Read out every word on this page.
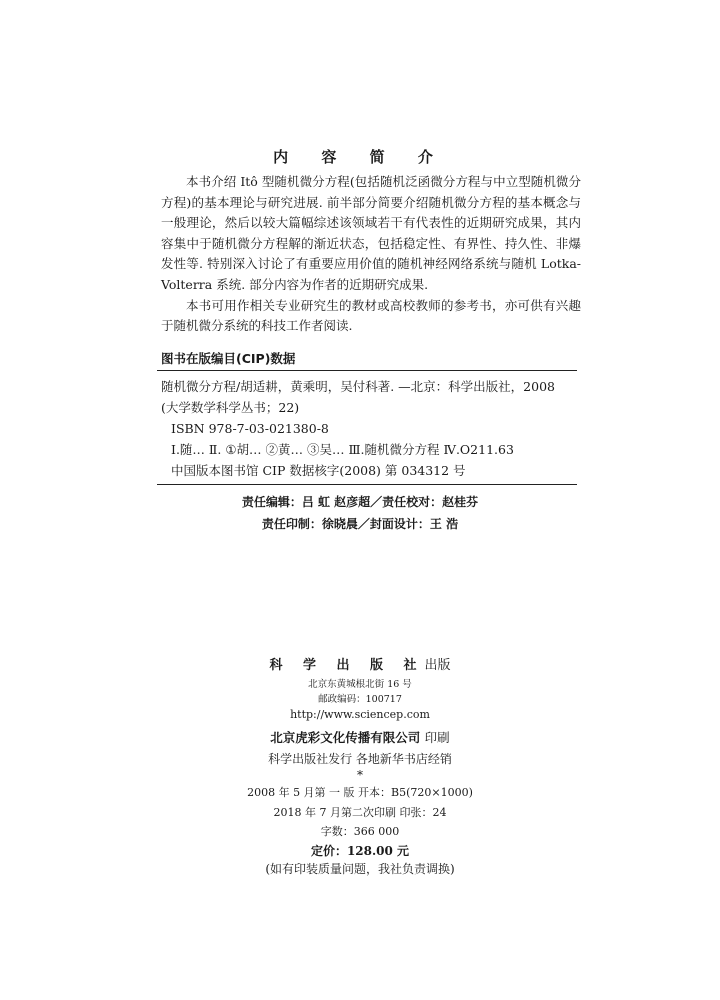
内 容 简 介

本书介绍 Itô 型随机微分方程(包括随机泛函微分方程与中立型随机微分方程)的基本理论与研究进展. 前半部分简要介绍随机微分方程的基本概念与一般理论，然后以较大篇幅综述该领域若干有代表性的近期研究成果，其内容集中于随机微分方程解的渐近状态，包括稳定性、有界性、持久性、非爆发性等. 特别深入讨论了有重要应用价值的随机神经网络系统与随机 Lotka-Volterra 系统. 部分内容为作者的近期研究成果.

本书可用作相关专业研究生的教材或高校教师的参考书，亦可供有兴趣于随机微分系统的科技工作者阅读.

图书在版编目(CIP)数据
随机微分方程/胡适耕，黄乘明，吴付科著. —北京：科学出版社，2008
(大学数学科学丛书；22)
ISBN 978-7-03-021380-8
Ⅰ.随… Ⅱ. ①胡… ②黄… ③吴… Ⅲ.随机微分方程 Ⅳ.O211.63
中国版本图书馆 CIP 数据核字(2008) 第 034312 号
责任编辑：吕 虹 赵彦超／责任校对：赵桂芬
责任印制：徐晓晨／封面设计：王 浩
科 学 出 版 社出版
北京东黄城根北街 16 号
邮政编码：100717
http://www.sciencep.com
北京虎彩文化传播有限公司 印刷
科学出版社发行 各地新华书店经销
*
2008 年 5 月第 一 版 开本：B5(720×1000)
2018 年 7 月第二次印刷 印张：24
字数：366 000
定价：128.00 元
(如有印装质量问题，我社负责调换)
